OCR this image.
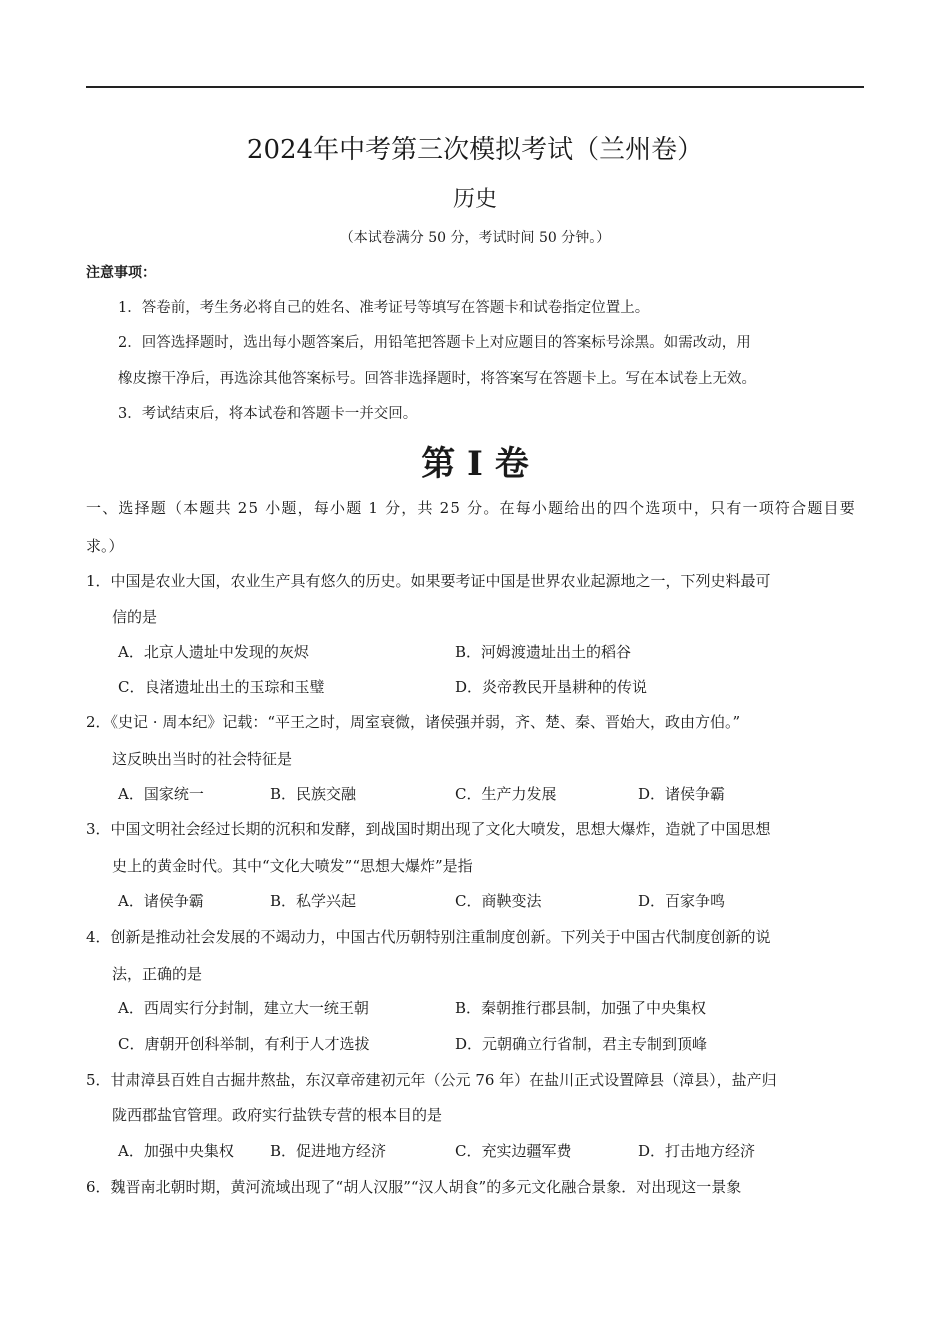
2024年中考第三次模拟考试（兰州卷）
历史
（本试卷满分 50 分，考试时间 50 分钟。）
注意事项：
1．答卷前，考生务必将自己的姓名、准考证号等填写在答题卡和试卷指定位置上。
2．回答选择题时，选出每小题答案后，用铅笔把答题卡上对应题目的答案标号涂黑。如需改动，用
橡皮擦干净后，再选涂其他答案标号。回答非选择题时，将答案写在答题卡上。写在本试卷上无效。
3．考试结束后，将本试卷和答题卡一并交回。
第 I 卷
一、选择题（本题共 25 小题，每小题 1 分，共 25 分。在每小题给出的四个选项中，只有一项符合题目要
求。）
1．中国是农业大国，农业生产具有悠久的历史。如果要考证中国是世界农业起源地之一，下列史料最可
信的是
A．北京人遗址中发现的灰烬	B．河姆渡遗址出土的稻谷
C．良渚遗址出土的玉琮和玉璧	D．炎帝教民开垦耕种的传说
2．《史记 · 周本纪》记载：“平王之时，周室衰微，诸侯强并弱，齐、楚、秦、晋始大，政由方伯。”
这反映出当时的社会特征是
A．国家统一	B．民族交融	C．生产力发展	D．诸侯争霸
3．中国文明社会经过长期的沉积和发酵，到战国时期出现了文化大喷发，思想大爆炸，造就了中国思想
史上的黄金时代。其中“文化大喷发”“思想大爆炸”是指
A．诸侯争霸	B．私学兴起	C．商鞅变法	D．百家争鸣
4．创新是推动社会发展的不竭动力，中国古代历朝特别注重制度创新。下列关于中国古代制度创新的说
法，正确的是
A．西周实行分封制，建立大一统王朝	B．秦朝推行郡县制，加强了中央集权
C．唐朝开创科举制，有利于人才选拔	D．元朝确立行省制，君主专制到顶峰
5．甘肃漳县百姓自古掘井熬盐，东汉章帝建初元年（公元 76 年）在盐川正式设置障县（漳县），盐产归
陇西郡盐官管理。政府实行盐铁专营的根本目的是
A．加强中央集权 B．促进地方经济	C．充实边疆军费	D．打击地方经济
6．魏晋南北朝时期，黄河流域出现了“胡人汉服”“汉人胡食”的多元文化融合景象．对出现这一景象
